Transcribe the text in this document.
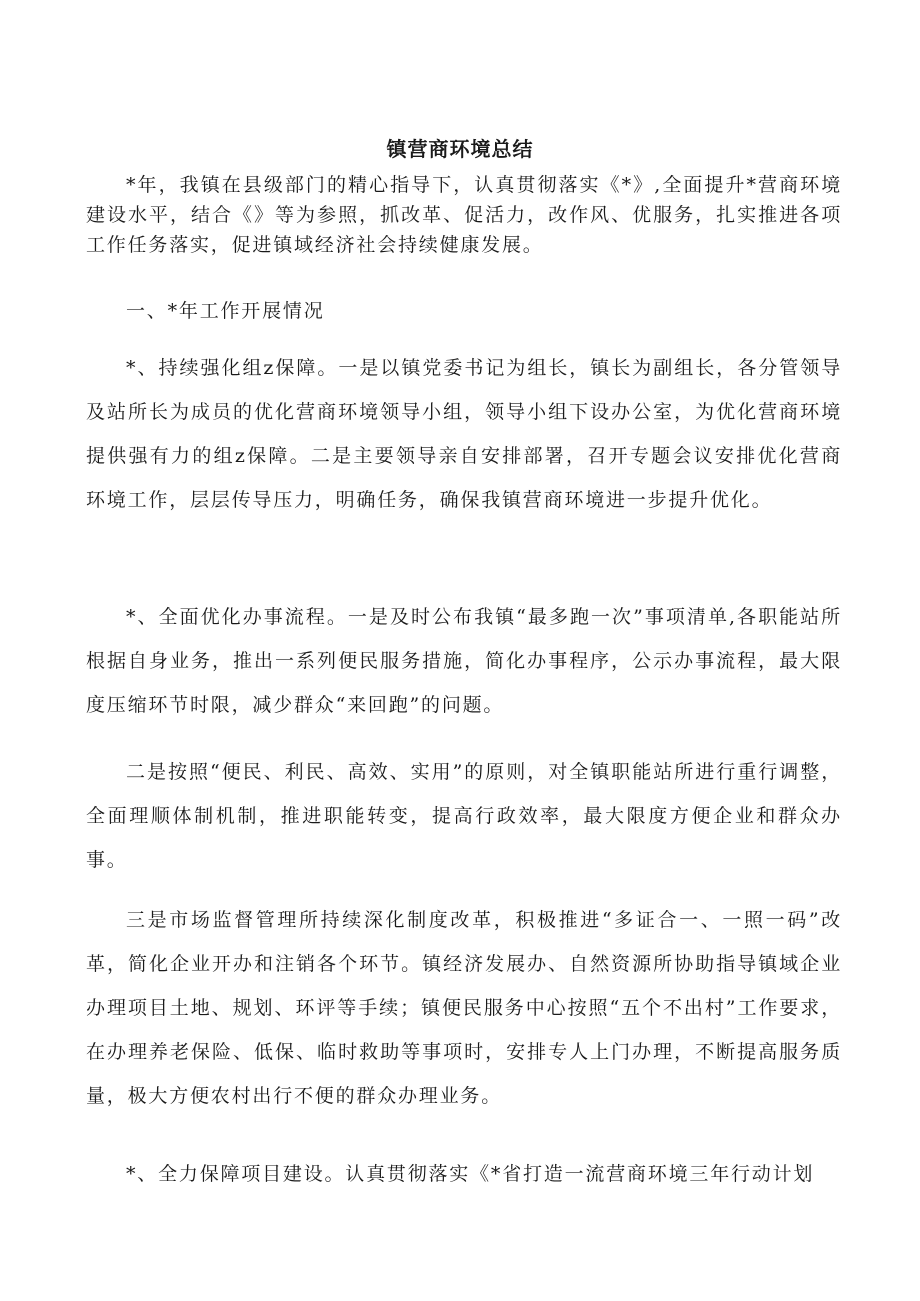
镇营商环境总结

*年，我镇在县级部门的精心指导下，认真贯彻落实《*》,全面提升*营商环境建设水平，结合《》等为参照，抓改革、促活力，改作风、优服务，扎实推进各项工作任务落实，促进镇域经济社会持续健康发展。

一、*年工作开展情况

*、持续强化组z保障。一是以镇党委书记为组长，镇长为副组长，各分管领导及站所长为成员的优化营商环境领导小组，领导小组下设办公室，为优化营商环境提供强有力的组z保障。二是主要领导亲自安排部署，召开专题会议安排优化营商环境工作，层层传导压力，明确任务，确保我镇营商环境进一步提升优化。

*、全面优化办事流程。一是及时公布我镇“最多跑一次”事项清单,各职能站所根据自身业务，推出一系列便民服务措施，简化办事程序，公示办事流程，最大限度压缩环节时限，减少群众“来回跑”的问题。

二是按照“便民、利民、高效、实用”的原则，对全镇职能站所进行重行调整，全面理顺体制机制，推进职能转变，提高行政效率，最大限度方便企业和群众办事。

三是市场监督管理所持续深化制度改革，积极推进“多证合一、一照一码”改革，简化企业开办和注销各个环节。镇经济发展办、自然资源所协助指导镇域企业办理项目土地、规划、环评等手续；镇便民服务中心按照“五个不出村”工作要求，在办理养老保险、低保、临时救助等事项时，安排专人上门办理，不断提高服务质量，极大方便农村出行不便的群众办理业务。

*、全力保障项目建设。认真贯彻落实《*省打造一流营商环境三年行动计划
